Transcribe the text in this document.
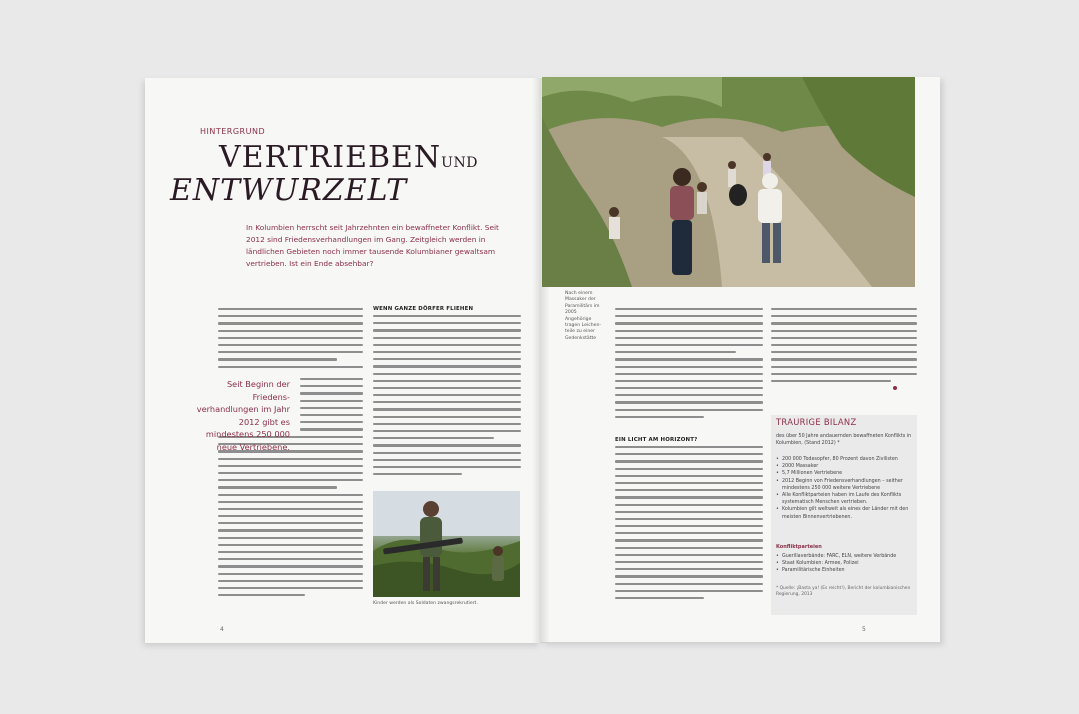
HINTERGRUND
VERTRIEBENUND
ENTWURZELT
In Kolumbien herrscht seit Jahrzehnten ein bewaffneter Konflikt. Seit 2012 sind Friedensverhandlungen im Gang. Zeitgleich werden in ländlichen Gebieten noch immer tausende Kolumbianer gewaltsam vertrieben. Ist ein Ende absehbar?
Seit Beginn der Friedens-verhandlungen im Jahr 2012 gibt es mindestens 250 000 neue Vertriebene.
WENN GANZE DÖRFER FLIEHEN
Kinder werden als Soldaten zwangsrekrutiert.
4
Nach einem Massaker der Paramilitärs im 2005 Angehörige tragen Leichenteile zu einer Gedenkstätte
EIN LICHT AM HORIZONT?
TRAURIGE BILANZ
des über 50 Jahre andauernden bewaffneten Konflikts in Kolumbien, (Stand 2012) *
• 200 000 Todesopfer, 80 Prozent davon Zivilisten
• 2000 Massaker
• 5,7 Millionen Vertriebene
• 2012 Beginn von Friedensverhandlungen – seither mindestens 250 000 weitere Vertriebene
• Alle Konfliktparteien haben im Laufe des Konflikts systematisch Menschen vertrieben.
• Kolumbien gilt weltweit als eines der Länder mit den meisten Binnenvertriebenen.
Konfliktparteien
• Guerillaverbände: FARC, ELN, weitere Verbände
• Staat Kolumbien: Armee, Polizei
• Paramilitärische Einheiten
* Quelle: ¡Basta ya! (Es reicht!), Bericht der kolumbianischen Regierung, 2013
5
